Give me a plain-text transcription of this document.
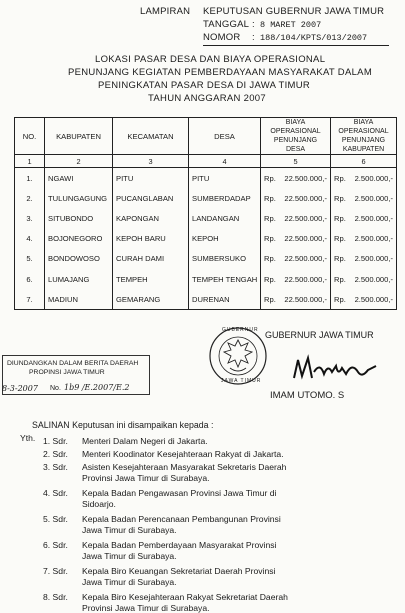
LAMPIRAN KEPUTUSAN GUBERNUR JAWA TIMUR
TANGGAL : 8 MARET 2007
NOMOR : 188/104/KPTS/013/2007
LOKASI PASAR DESA DAN BIAYA OPERASIONAL
PENUNJANG KEGIATAN PEMBERDAYAAN MASYARAKAT DALAM
PENINGKATAN PASAR DESA DI JAWA TIMUR
TAHUN ANGGARAN 2007
NO.	KABUPATEN	KECAMATAN	DESA	BIAYA OPERASIONAL PENUNJANG DESA	BIAYA OPERASIONAL PENUNJANG KABUPATEN
1	2	3	4	5	6
1.	NGAWI	PITU	PITU	Rp. 22.500.000,-	Rp. 2.500.000,-

2.	TULUNGAGUNG	PUCANGLABAN	SUMBERDADAP	Rp. 22.500.000,-	Rp. 2.500.000,-

3.	SITUBONDO	KAPONGAN	LANDANGAN	Rp. 22.500.000,-	Rp. 2.500.000,-

4.	BOJONEGORO	KEPOH BARU	KEPOH	Rp. 22.500.000,-	Rp. 2.500.000,-

5.	BONDOWOSO	CURAH DAMI	SUMBERSUKO	Rp. 22.500.000,-	Rp. 2.500.000,-

6.	LUMAJANG	TEMPEH	TEMPEH TENGAH	Rp. 22.500.000,-	Rp. 2.500.000,-

7.	MADIUN	GEMARANG	DURENAN	Rp. 22.500.000,-	Rp. 2.500.000,-
GUBERNUR
JAWA TIMUR
GUBERNUR JAWA TIMUR
IMAM UTOMO. S
DIUNDANGKAN DALAM BERITA DAERAH
PROPINSI JAWA TIMUR
8-3-2007 No. 1b9 /E.2007/E.2
SALINAN Keputusan ini disampaikan kepada :
Yth. 1. Sdr. Menteri Dalam Negeri di Jakarta.
2. Sdr. Menteri Koodinator Kesejahteraan Rakyat di Jakarta.
3. Sdr. Asisten Kesejahteraan Masyarakat Sekretaris Daerah
Provinsi Jawa Timur di Surabaya.
4. Sdr. Kepala Badan Pengawasan Provinsi Jawa Timur di
Sidoarjo.
5. Sdr. Kepala Badan Perencanaan Pembangunan Provinsi
Jawa Timur di Surabaya.
6. Sdr. Kepala Badan Pemberdayaan Masyarakat Provinsi
Jawa Timur di Surabaya.
7. Sdr. Kepala Biro Keuangan Sekretariat Daerah Provinsi
Jawa Timur di Surabaya.
8. Sdr. Kepala Biro Kesejahteraan Rakyat Sekretariat Daerah
Provinsi Jawa Timur di Surabaya.
